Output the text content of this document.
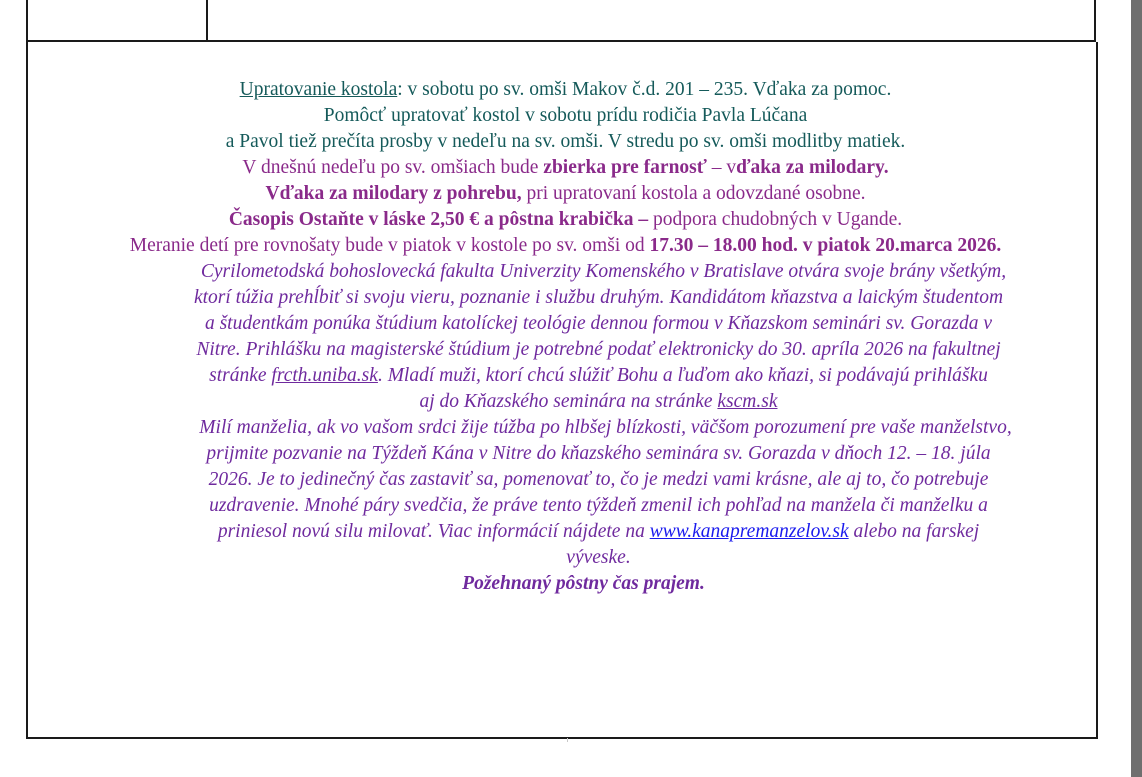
Upratovanie kostola: v sobotu po sv. omši Makov č.d. 201 – 235. Vďaka za pomoc.
Pomôcť upratovať kostol v sobotu prídu rodičia Pavla Lúčana
a Pavol tiež prečíta prosby v nedeľu na sv. omši. V stredu po sv. omši modlitby matiek.
V dnešnú nedeľu po sv. omšiach bude zbierka pre farnosť – vďaka za milodary.
Vďaka za milodary z pohrebu, pri upratovaní kostola a odovzdané osobne.
Časopis Ostaňte v láske 2,50 € a pôstna krabička – podpora chudobných v Ugande.
Meranie detí pre rovnošaty bude v piatok v kostole po sv. omši od 17.30 – 18.00 hod. v piatok 20.marca 2026.
Cyrilometodská bohoslovecká fakulta Univerzity Komenského v Bratislave otvára svoje brány všetkým,
ktorí túžia prehĺbiť si svoju vieru, poznanie i službu druhým. Kandidátom kňazstva a laickým študentom
a študentkám ponúka štúdium katolíckej teológie dennou formou v Kňazskom seminári sv. Gorazda v
Nitre. Prihlášku na magisterské štúdium je potrebné podať elektronicky do 30. apríla 2026 na fakultnej
stránke frcth.uniba.sk. Mladí muži, ktorí chcú slúžiť Bohu a ľuďom ako kňazi, si podávajú prihlášku
aj do Kňazského seminára na stránke kscm.sk
Milí manželia, ak vo vašom srdci žije túžba po hlbšej blízkosti, väčšom porozumení pre vaše manželstvo,
prijmite pozvanie na Týždeň Kána v Nitre do kňazského seminára sv. Gorazda v dňoch 12. – 18. júla
2026. Je to jedinečný čas zastaviť sa, pomenovať to, čo je medzi vami krásne, ale aj to, čo potrebuje
uzdravenie. Mnohé páry svedčia, že práve tento týždeň zmenil ich pohľad na manžela či manželku a
priniesol novú silu milovať. Viac informácií nájdete na www.kanapremanzelov.sk alebo na farskej
vývеske.
Požehnaný pôstny čas prajem.
